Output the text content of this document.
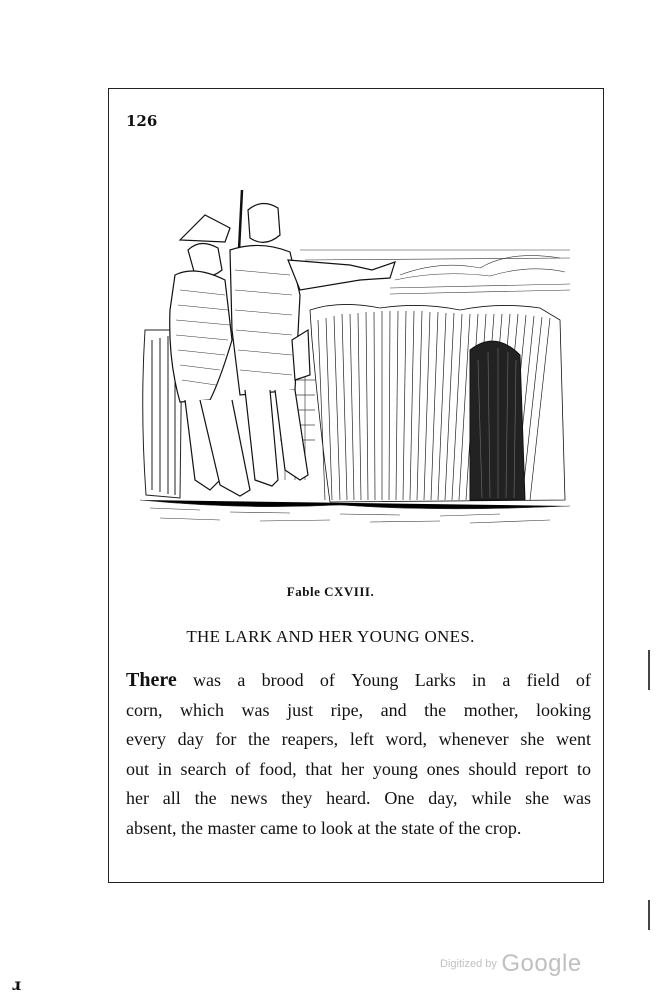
126
Fable CXVIII.
THE LARK AND HER YOUNG ONES.
There was a brood of Young Larks in a field of
corn, which was just ripe, and the mother, looking
every day for the reapers, left word, whenever she went
out in search of food, that her young ones should report to
her all the news they heard. One day, while she was
absent, the master came to look at the state of the crop.
Digitized by Google
ɹ
